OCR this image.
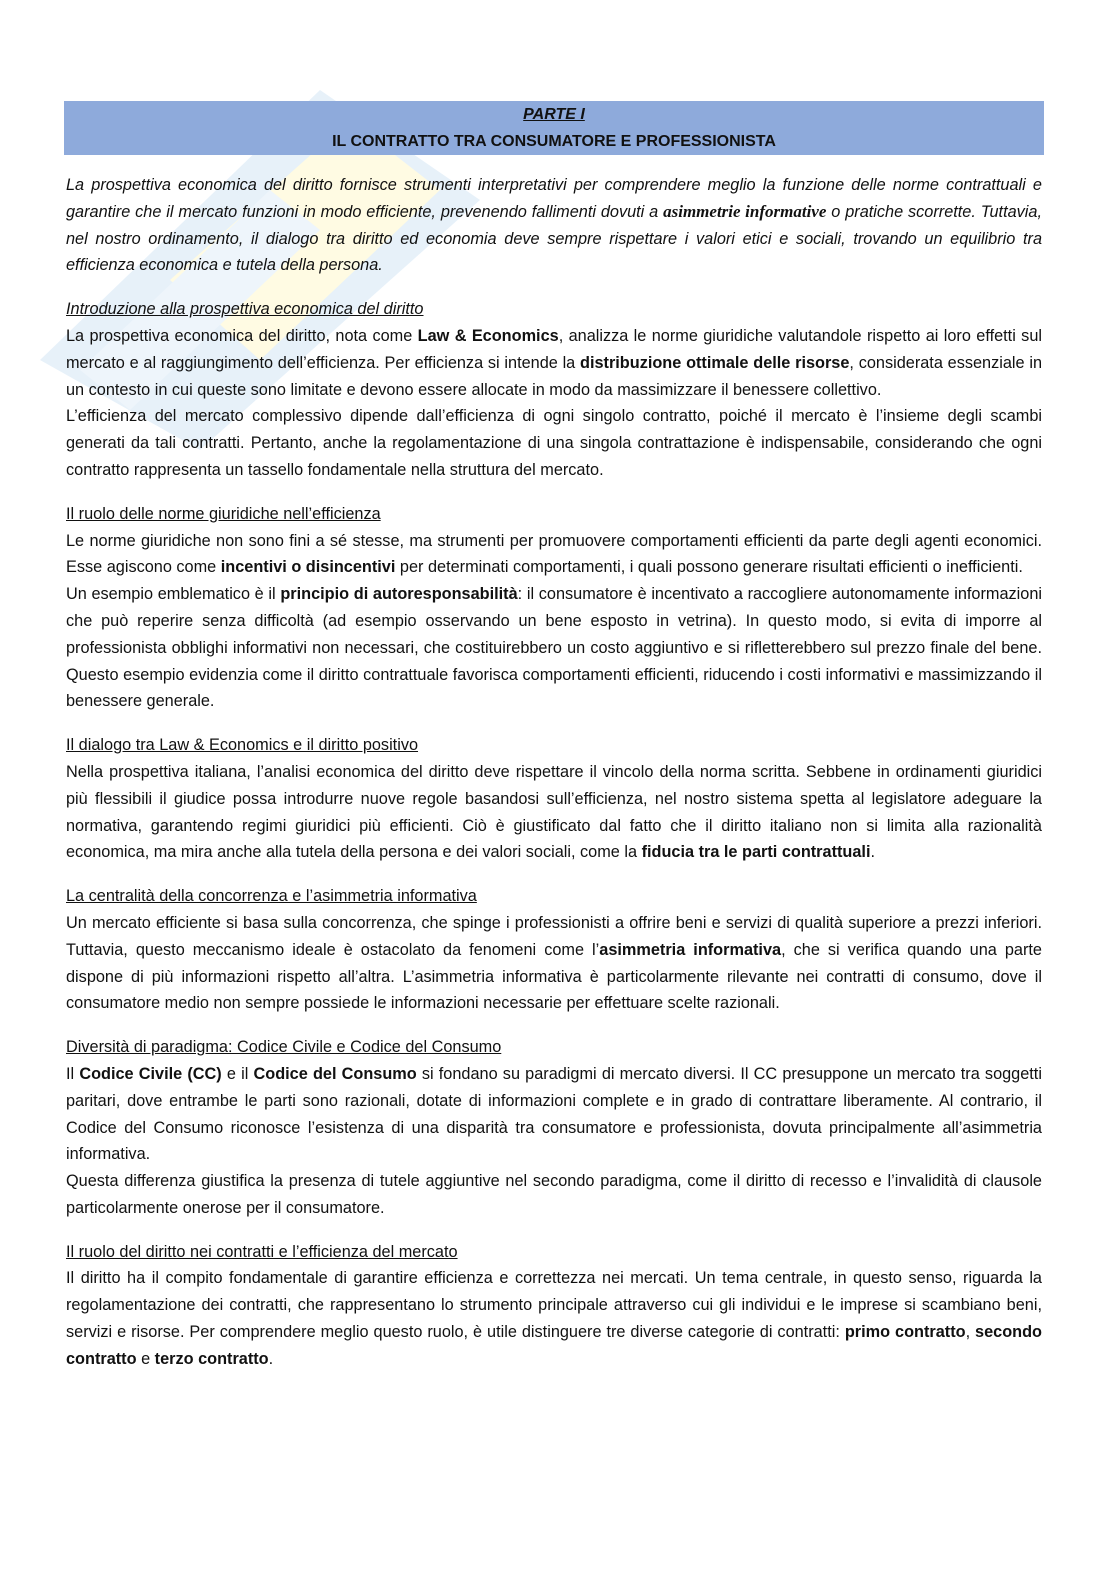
PARTE I
IL CONTRATTO TRA CONSUMATORE E PROFESSIONISTA

La prospettiva economica del diritto fornisce strumenti interpretativi per comprendere meglio la funzione delle norme contrattuali e garantire che il mercato funzioni in modo efficiente, prevenendo fallimenti dovuti a asimmetrie informative o pratiche scorrette. Tuttavia, nel nostro ordinamento, il dialogo tra diritto ed economia deve sempre rispettare i valori etici e sociali, trovando un equilibrio tra efficienza economica e tutela della persona.

Introduzione alla prospettiva economica del diritto

La prospettiva economica del diritto, nota come Law & Economics, analizza le norme giuridiche valutandole rispetto ai loro effetti sul mercato e al raggiungimento dell’efficienza. Per efficienza si intende la distribuzione ottimale delle risorse, considerata essenziale in un contesto in cui queste sono limitate e devono essere allocate in modo da massimizzare il benessere collettivo.

L’efficienza del mercato complessivo dipende dall’efficienza di ogni singolo contratto, poiché il mercato è l’insieme degli scambi generati da tali contratti. Pertanto, anche la regolamentazione di una singola contrattazione è indispensabile, considerando che ogni contratto rappresenta un tassello fondamentale nella struttura del mercato.

Il ruolo delle norme giuridiche nell’efficienza

Le norme giuridiche non sono fini a sé stesse, ma strumenti per promuovere comportamenti efficienti da parte degli agenti economici. Esse agiscono come incentivi o disincentivi per determinati comportamenti, i quali possono generare risultati efficienti o inefficienti.

Un esempio emblematico è il principio di autoresponsabilità: il consumatore è incentivato a raccogliere autonomamente informazioni che può reperire senza difficoltà (ad esempio osservando un bene esposto in vetrina). In questo modo, si evita di imporre al professionista obblighi informativi non necessari, che costituirebbero un costo aggiuntivo e si rifletterebbero sul prezzo finale del bene. Questo esempio evidenzia come il diritto contrattuale favorisca comportamenti efficienti, riducendo i costi informativi e massimizzando il benessere generale.

Il dialogo tra Law & Economics e il diritto positivo

Nella prospettiva italiana, l’analisi economica del diritto deve rispettare il vincolo della norma scritta. Sebbene in ordinamenti giuridici più flessibili il giudice possa introdurre nuove regole basandosi sull’efficienza, nel nostro sistema spetta al legislatore adeguare la normativa, garantendo regimi giuridici più efficienti. Ciò è giustificato dal fatto che il diritto italiano non si limita alla razionalità economica, ma mira anche alla tutela della persona e dei valori sociali, come la fiducia tra le parti contrattuali.

La centralità della concorrenza e l’asimmetria informativa

Un mercato efficiente si basa sulla concorrenza, che spinge i professionisti a offrire beni e servizi di qualità superiore a prezzi inferiori. Tuttavia, questo meccanismo ideale è ostacolato da fenomeni come l’asimmetria informativa, che si verifica quando una parte dispone di più informazioni rispetto all’altra. L’asimmetria informativa è particolarmente rilevante nei contratti di consumo, dove il consumatore medio non sempre possiede le informazioni necessarie per effettuare scelte razionali.

Diversità di paradigma: Codice Civile e Codice del Consumo

Il Codice Civile (CC) e il Codice del Consumo si fondano su paradigmi di mercato diversi. Il CC presuppone un mercato tra soggetti paritari, dove entrambe le parti sono razionali, dotate di informazioni complete e in grado di contrattare liberamente. Al contrario, il Codice del Consumo riconosce l’esistenza di una disparità tra consumatore e professionista, dovuta principalmente all’asimmetria informativa.

Questa differenza giustifica la presenza di tutele aggiuntive nel secondo paradigma, come il diritto di recesso e l’invalidità di clausole particolarmente onerose per il consumatore.

Il ruolo del diritto nei contratti e l’efficienza del mercato

Il diritto ha il compito fondamentale di garantire efficienza e correttezza nei mercati. Un tema centrale, in questo senso, riguarda la regolamentazione dei contratti, che rappresentano lo strumento principale attraverso cui gli individui e le imprese si scambiano beni, servizi e risorse. Per comprendere meglio questo ruolo, è utile distinguere tre diverse categorie di contratti: primo contratto, secondo contratto e terzo contratto.
